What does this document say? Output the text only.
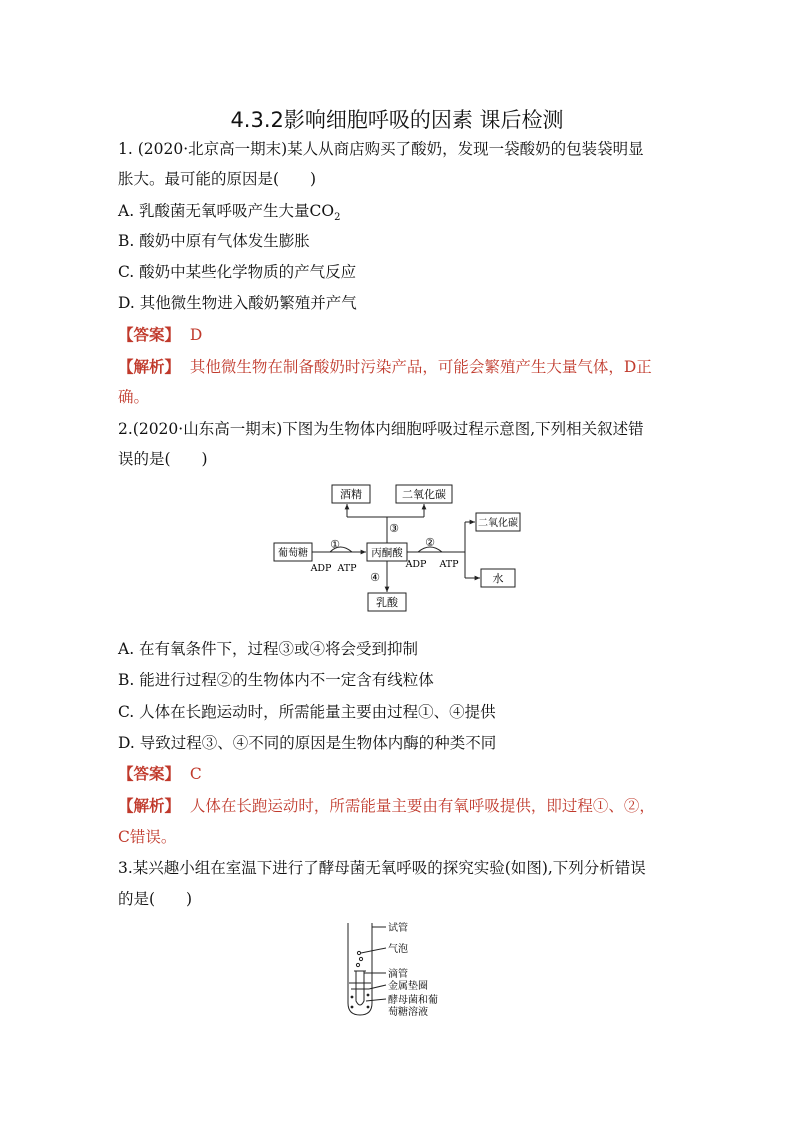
4.3.2影响细胞呼吸的因素 课后检测
1. (2020·北京高一期末)某人从商店购买了酸奶，发现一袋酸奶的包装袋明显
胀大。最可能的原因是(　　)
A. 乳酸菌无氧呼吸产生大量$CO_2$
B. 酸奶中原有气体发生膨胀
C. 酸奶中某些化学物质的产气反应
D. 其他微生物进入酸奶繁殖并产气
【答案】 D
【解析】 其他微生物在制备酸奶时污染产品，可能会繁殖产生大量气体，D正
确。
2.(2020·山东高一期末)下图为生物体内细胞呼吸过程示意图,下列相关叙述错
误的是(　　)
酒精	二氧化碳
葡萄糖	丙酮酸
二氧化碳
水
乳酸
①	②
③
④
ADP ATP	ADP ATP
A. 在有氧条件下，过程③或④将会受到抑制
B. 能进行过程②的生物体内不一定含有线粒体
C. 人体在长跑运动时，所需能量主要由过程①、④提供
D. 导致过程③、④不同的原因是生物体内酶的种类不同
【答案】 C
【解析】 人体在长跑运动时，所需能量主要由有氧呼吸提供，即过程①、②，
C错误。
3.某兴趣小组在室温下进行了酵母菌无氧呼吸的探究实验(如图),下列分析错误
的是(　　)
试管
气泡
滴管
金属垫圈
酵母菌和葡
萄糖溶液
